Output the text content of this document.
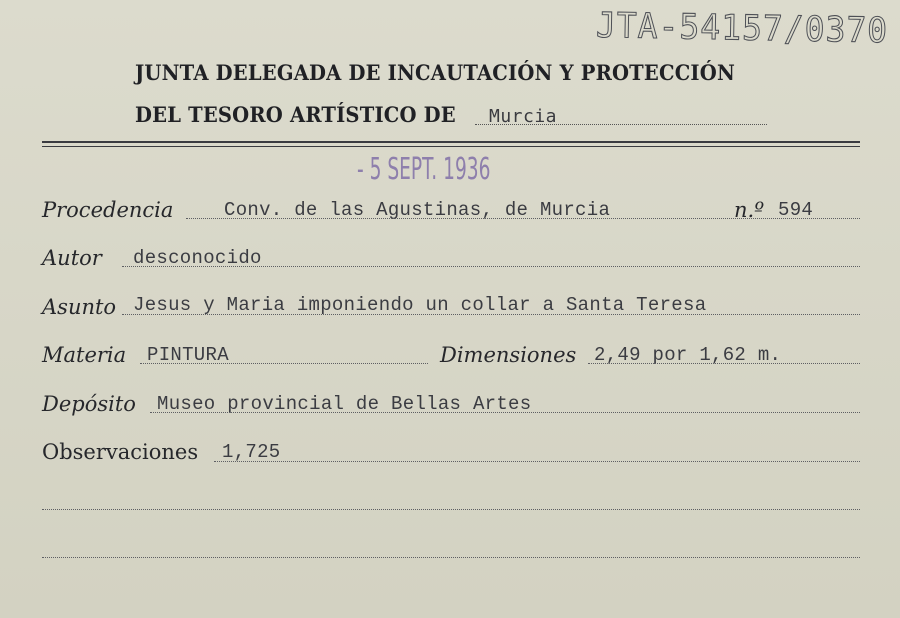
JTA-54157/0370
JUNTA DELEGADA DE INCAUTACIÓN Y PROTECCIÓN
DEL TESORO ARTÍSTICO DE Murcia
- 5 SEPT. 1936
Procedencia	Conv. de las Agustinas, de Murcia	n.º 594
Autor desconocido
Asunto Jesus y Maria imponiendo un collar a Santa Teresa
Materia PINTURA	Dimensiones 2,49 por 1,62 m.
Depósito Museo provincial de Bellas Artes
Observaciones 1,725
